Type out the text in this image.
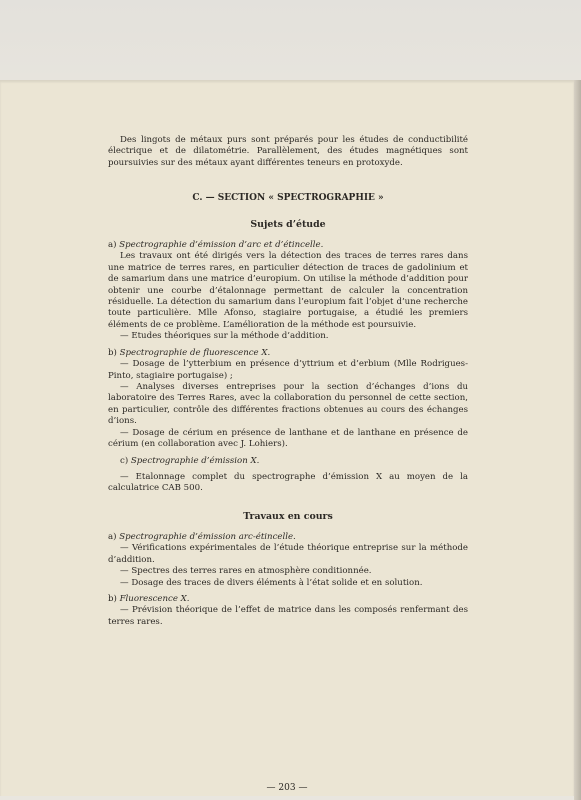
— 203 —

Des lingots de métaux purs sont préparés pour les études de conductibilité électrique et de dilatométrie. Parallèlement, des études magnétiques sont poursuivies sur des métaux ayant différentes teneurs en protoxyde.

C. — SECTION « SPECTROGRAPHIE »
Sujets d’étude

a) Spectrographie d’émission d’arc et d’étincelle.

Les travaux ont été dirigés vers la détection des traces de terres rares dans une matrice de terres rares, en particulier détection de traces de gadolinium et de samarium dans une matrice d’europium. On utilise la méthode d’addition pour obtenir une courbe d’étalonnage permettant de calculer la concentration résiduelle. La détection du samarium dans l’europium fait l’objet d’une recherche toute particulière. Mlle Afonso, stagiaire portugaise, a étudié les premiers éléments de ce problème. L’amélioration de la méthode est poursuivie.

— Etudes théoriques sur la méthode d’addition.

b) Spectrographie de fluorescence X.

— Dosage de l’ytterbium en présence d’yttrium et d’erbium (Mlle Rodrigues-Pinto, stagiaire portugaise) ;

— Analyses diverses entreprises pour la section d’échanges d’ions du laboratoire des Terres Rares, avec la collaboration du personnel de cette section, en particulier, contrôle des différentes fractions obtenues au cours des échanges d’ions.

— Dosage de cérium en présence de lanthane et de lanthane en présence de cérium (en collaboration avec J. Lohiers).

c) Spectrographie d’émission X.

— Etalonnage complet du spectrographe d’émission X au moyen de la calculatrice CAB 500.

Travaux en cours

a) Spectrographie d’émission arc-étincelle.

— Vérifications expérimentales de l’étude théorique entreprise sur la méthode d’addition.

— Spectres des terres rares en atmosphère conditionnée.

— Dosage des traces de divers éléments à l’état solide et en solution.

b) Fluorescence X.

— Prévision théorique de l’effet de matrice dans les composés renfermant des terres rares.
